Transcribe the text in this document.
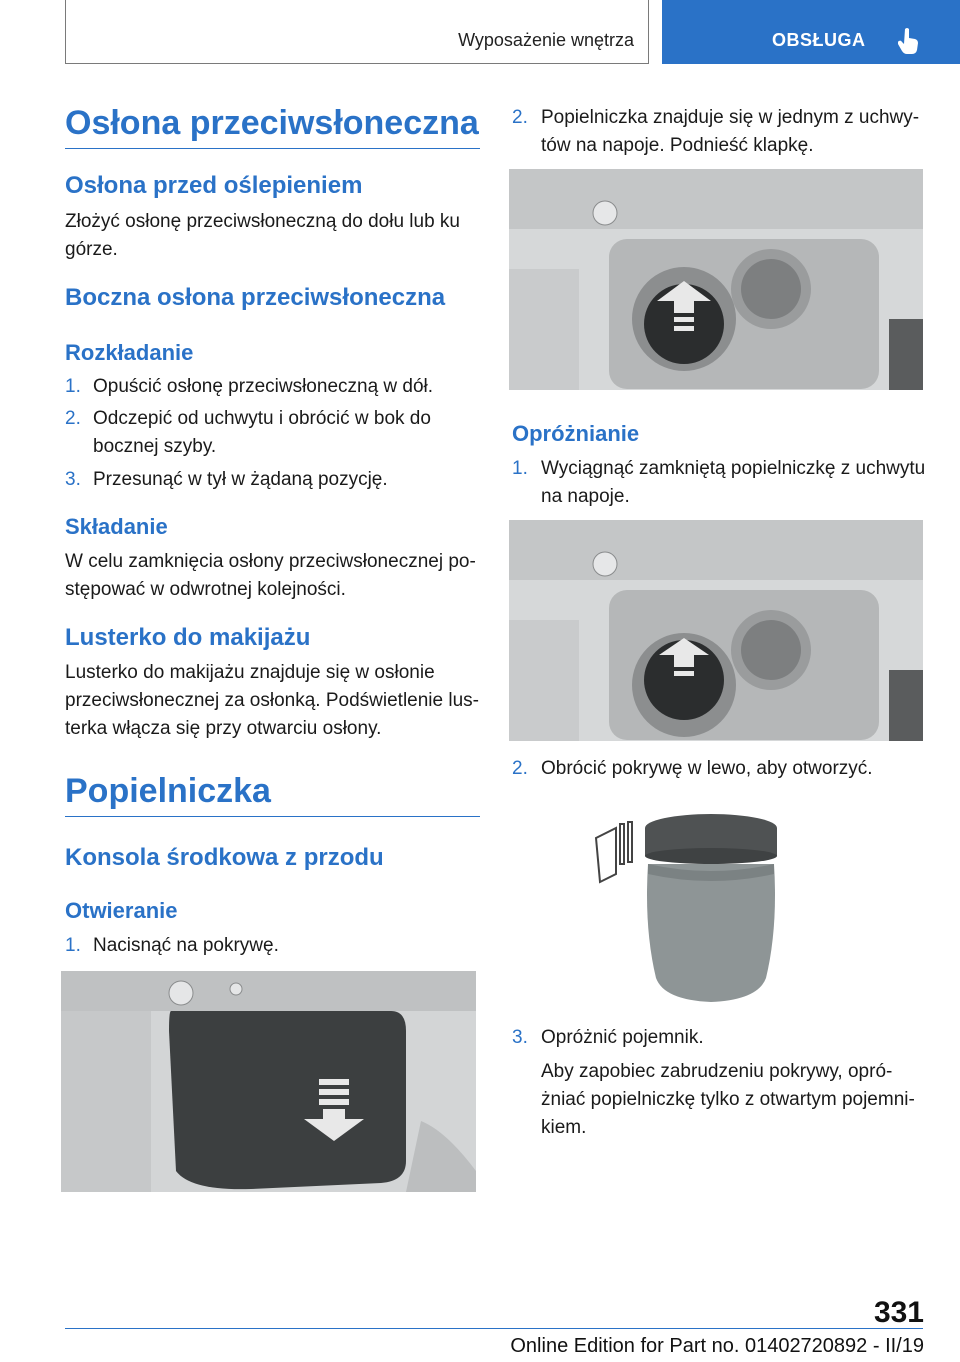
Wyposażenie wnętrza	OBSŁUGA
Osłona przeciwsłoneczna
Osłona przed oślepieniem

Złożyć osłonę przeciwsłoneczną do dołu lub ku

górze.

Boczna osłona przeciwsłoneczna
Rozkładanie
1. Opuścić osłonę przeciwsłoneczną w dół.

2. Odczepić od uchwytu i obrócić w bok do

bocznej szyby.

3. Przesunąć w tył w żądaną pozycję.

Składanie

W celu zamknięcia osłony przeciwsłonecznej po-

stępować w odwrotnej kolejności.

Lusterko do makijażu

Lusterko do makijażu znajduje się w osłonie

przeciwsłonecznej za osłonką. Podświetlenie lus-

terka włącza się przy otwarciu osłony.

Popielniczka
Konsola środkowa z przodu
Otwieranie
1. Nacisnąć na pokrywę.

2. Popielniczka znajduje się w jednym z uchwy-

tów na napoje. Podnieść klapkę.

Opróżnianie
1. Wyciągnąć zamkniętą popielniczkę z uchwytu

na napoje.

2. Obrócić pokrywę w lewo, aby otworzyć.

3. Opróżnić pojemnik.

Aby zapobiec zabrudzeniu pokrywy, opró-

żniać popielniczkę tylko z otwartym pojemni-

kiem.

331
Online Edition for Part no. 01402720892 - II/19
